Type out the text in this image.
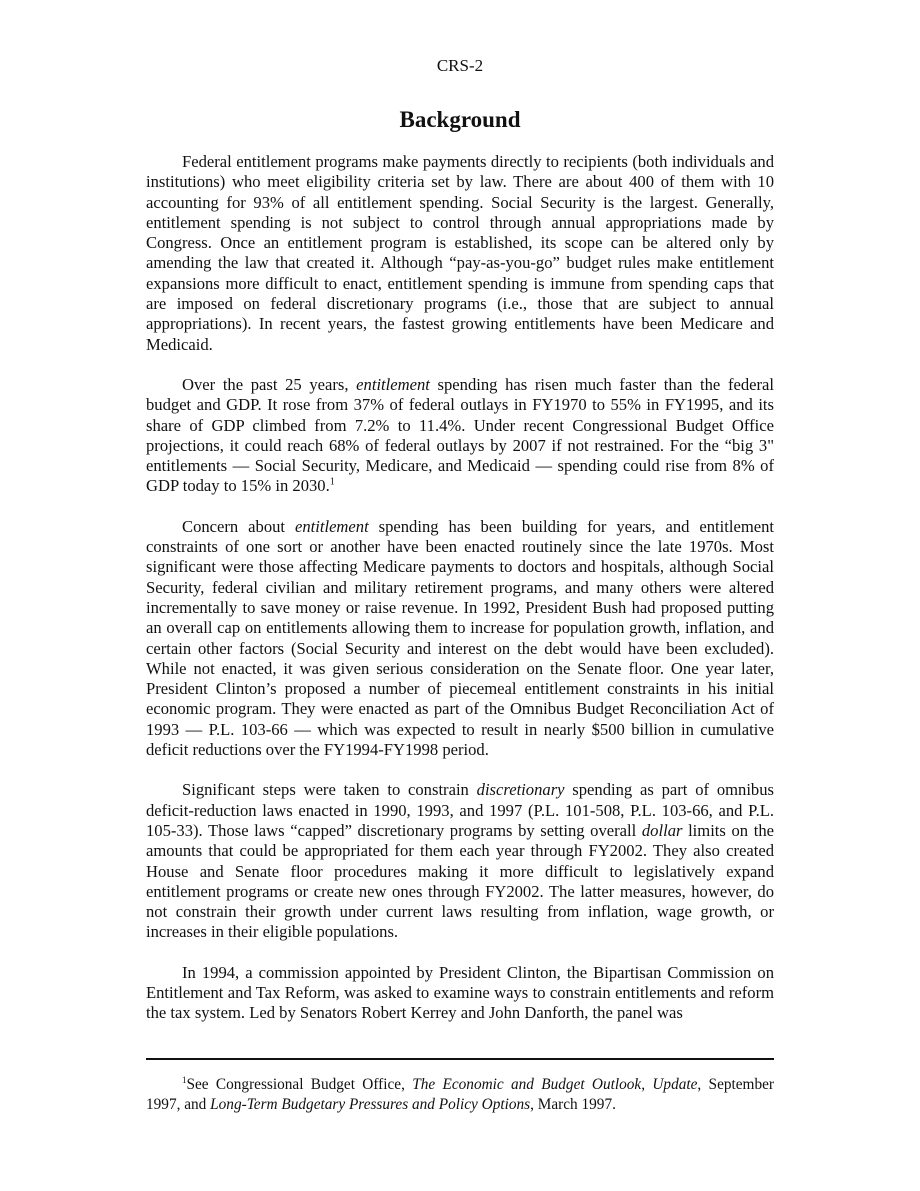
CRS-2
Background

Federal entitlement programs make payments directly to recipients (both individuals and institutions) who meet eligibility criteria set by law. There are about 400 of them with 10 accounting for 93% of all entitlement spending. Social Security is the largest. Generally, entitlement spending is not subject to control through annual appropriations made by Congress. Once an entitlement program is established, its scope can be altered only by amending the law that created it. Although “pay-as-you-go” budget rules make entitlement expansions more difficult to enact, entitlement spending is immune from spending caps that are imposed on federal discretionary programs (i.e., those that are subject to annual appropriations). In recent years, the fastest growing entitlements have been Medicare and Medicaid.

Over the past 25 years, entitlement spending has risen much faster than the federal budget and GDP. It rose from 37% of federal outlays in FY1970 to 55% in FY1995, and its share of GDP climbed from 7.2% to 11.4%. Under recent Congressional Budget Office projections, it could reach 68% of federal outlays by 2007 if not restrained. For the “big 3" entitlements — Social Security, Medicare, and Medicaid — spending could rise from 8% of GDP today to 15% in 2030.$^1$

Concern about entitlement spending has been building for years, and entitlement constraints of one sort or another have been enacted routinely since the late 1970s. Most significant were those affecting Medicare payments to doctors and hospitals, although Social Security, federal civilian and military retirement programs, and many others were altered incrementally to save money or raise revenue. In 1992, President Bush had proposed putting an overall cap on entitlements allowing them to increase for population growth, inflation, and certain other factors (Social Security and interest on the debt would have been excluded). While not enacted, it was given serious consideration on the Senate floor. One year later, President Clinton’s proposed a number of piecemeal entitlement constraints in his initial economic program. They were enacted as part of the Omnibus Budget Reconciliation Act of 1993 — P.L. 103-66 — which was expected to result in nearly $500 billion in cumulative deficit reductions over the FY1994-FY1998 period.

Significant steps were taken to constrain discretionary spending as part of omnibus deficit-reduction laws enacted in 1990, 1993, and 1997 (P.L. 101-508, P.L. 103-66, and P.L. 105-33). Those laws “capped” discretionary programs by setting overall dollar limits on the amounts that could be appropriated for them each year through FY2002. They also created House and Senate floor procedures making it more difficult to legislatively expand entitlement programs or create new ones through FY2002. The latter measures, however, do not constrain their growth under current laws resulting from inflation, wage growth, or increases in their eligible populations.

In 1994, a commission appointed by President Clinton, the Bipartisan Commission on Entitlement and Tax Reform, was asked to examine ways to constrain entitlements and reform the tax system. Led by Senators Robert Kerrey and John Danforth, the panel was

$^1$See Congressional Budget Office, The Economic and Budget Outlook, Update, September 1997, and Long-Term Budgetary Pressures and Policy Options, March 1997.
